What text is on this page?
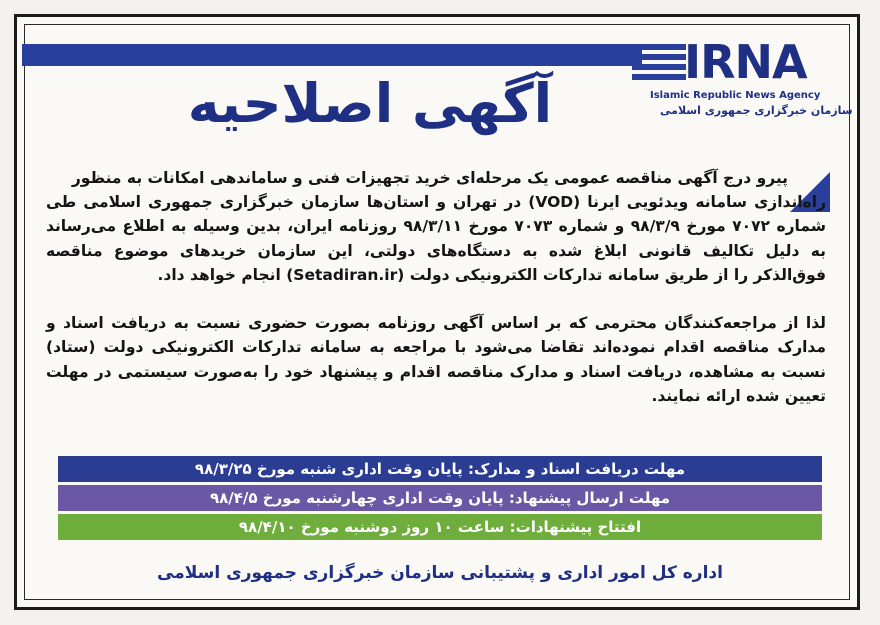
IRNA
Islamic Republic News Agency
سازمان خبرگزاری جمهوری اسلامی
آگهی اصلاحیه
پیرو درج آگهی مناقصه عمومی یک مرحله‌ای خرید تجهیزات فنی و ساماندهی امکانات به منظور
راه‌اندازی سامانه ویدئویی ایرنا (VOD) در تهران و استان‌ها سازمان خبرگزاری جمهوری اسلامی طی شماره ۷۰۷۲ مورخ ۹۸/۳/۹ و شماره ۷۰۷۳ مورخ ۹۸/۳/۱۱ روزنامه ایران، بدین وسیله به اطلاع می‌رساند به دلیل تکالیف قانونی ابلاغ شده به دستگاه‌های دولتی، این سازمان خریدهای موضوع مناقصه فوق‌الذکر را از طریق سامانه تدارکات الکترونیکی دولت (Setadiran.ir) انجام خواهد داد.
لذا از مراجعه‌کنندگان محترمی که بر اساس آگهی روزنامه بصورت حضوری نسبت به دریافت اسناد و مدارک مناقصه اقدام نموده‌اند تقاضا می‌شود با مراجعه به سامانه تدارکات الکترونیکی دولت (ستاد) نسبت به مشاهده، دریافت اسناد و مدارک مناقصه اقدام و پیشنهاد خود را به‌صورت سیستمی در مهلت تعیین شده ارائه نمایند.
مهلت دریافت اسناد و مدارک: پایان وقت اداری شنبه مورخ ۹۸/۳/۲۵
مهلت ارسال پیشنهاد: پایان وقت اداری چهارشنبه مورخ ۹۸/۴/۵
افتتاح پیشنهادات: ساعت ۱۰ روز دوشنبه مورخ ۹۸/۴/۱۰
اداره کل امور اداری و پشتیبانی سازمان خبرگزاری جمهوری اسلامی
